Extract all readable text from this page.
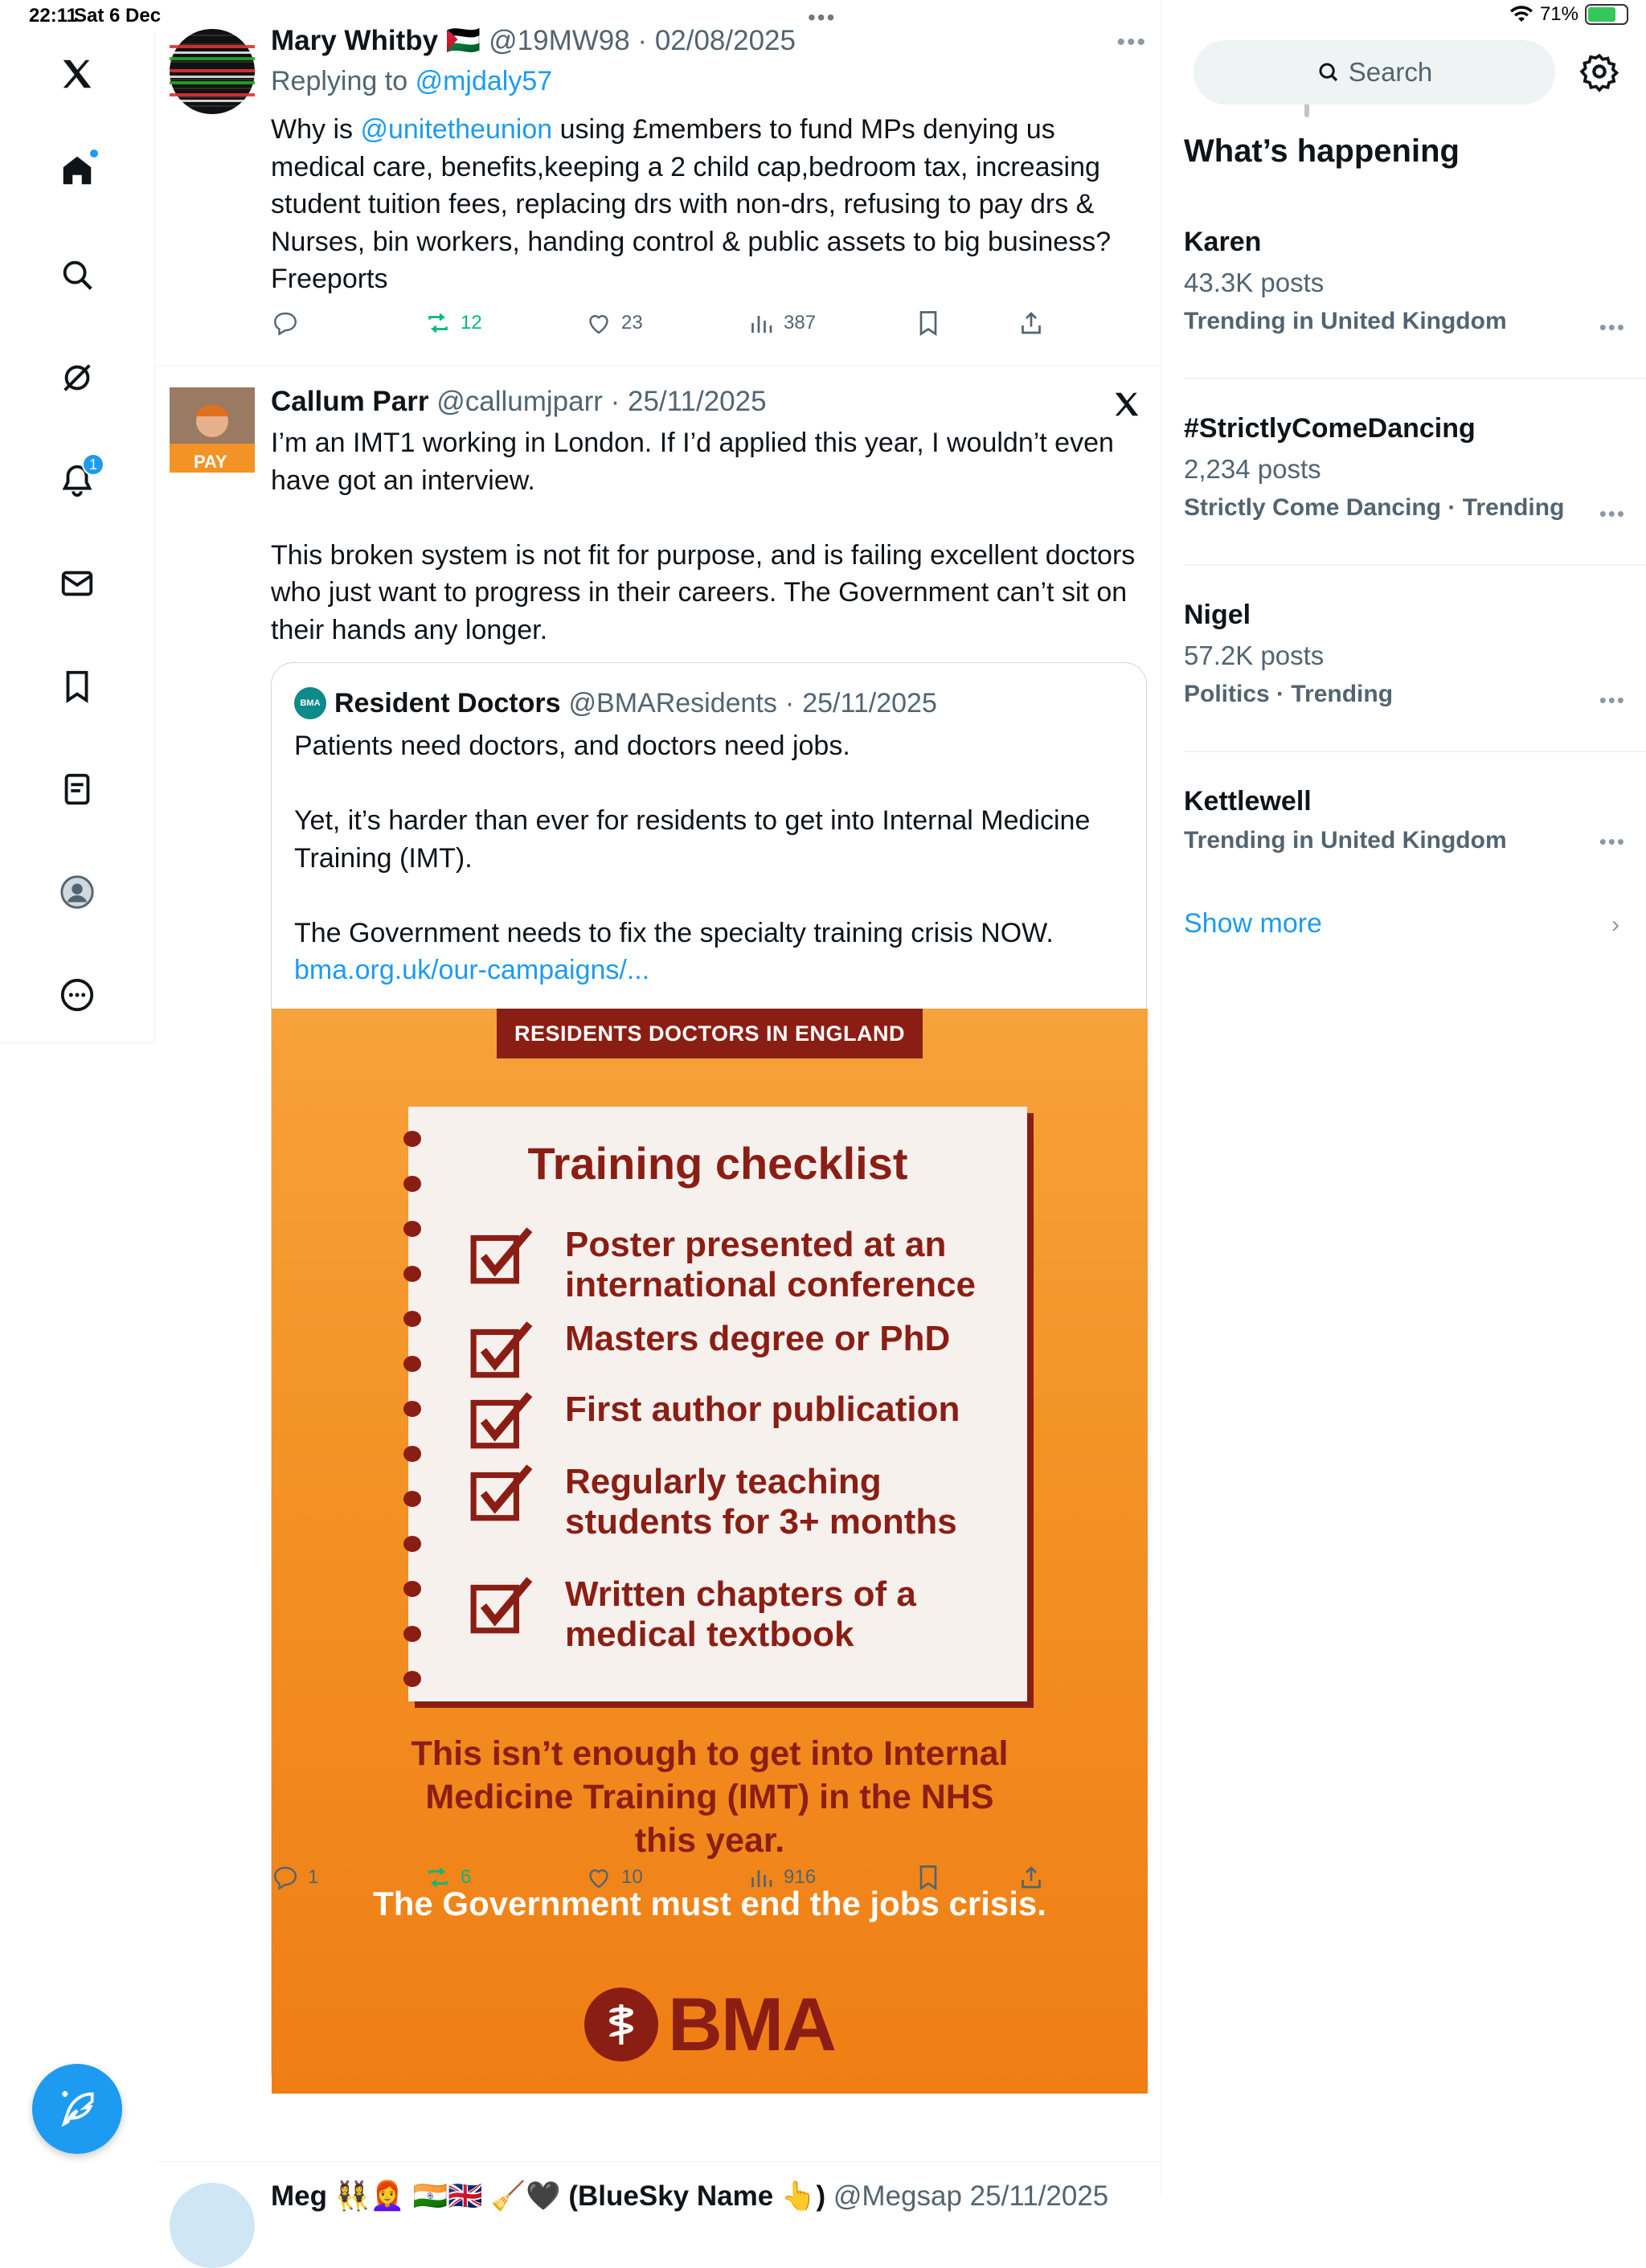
22:11
Sat 6 Dec	71%
•••
1
Mary Whitby 🇵🇸 @19MW98 · 02/08/2025	•••
Replying to @mjdaly57
Why is @unitetheunion using £members to fund MPs denying us medical care, benefits,keeping a 2 child cap,bedroom tax, increasing student tuition fees, replacing drs with non-drs, refusing to pay drs & Nurses, bin workers, handing control & public assets to big business? Freeports
12	23	387
PAY
Callum Parr @callumjparr · 25/11/2025
I’m an IMT1 working in London. If I’d applied this year, I wouldn’t even have got an interview.

This broken system is not fit for purpose, and is failing excellent doctors who just want to progress in their careers. The Government can’t sit on their hands any longer.
BMA Resident Doctors @BMAResidents · 25/11/2025
Patients need doctors, and doctors need jobs.

Yet, it’s harder than ever for residents to get into Internal Medicine Training (IMT).

The Government needs to fix the specialty training crisis NOW.
bma.org.uk/our-campaigns/...
RESIDENTS DOCTORS IN ENGLAND
Training checklist
Poster presented at an international conference
Masters degree or PhD
First author publication
Regularly teaching students for 3+ months
Written chapters of a medical textbook
This isn’t enough to get into Internal Medicine Training (IMT) in the NHS this year.
The Government must end the jobs crisis.
BMA
1	6	10	916
Meg 👯‍♀️👩‍🦰 🇮🇳🇬🇧 🧹🖤 (BlueSky Name 👆) @Megsap 25/11/2025
Search
What’s happening
Karen
43.3K posts
Trending in United Kingdom	•••
#StrictlyComeDancing
2,234 posts
Strictly Come Dancing · Trending	•••
Nigel
57.2K posts
Politics · Trending	•••
Kettlewell
Trending in United Kingdom	•••
Show more	›
